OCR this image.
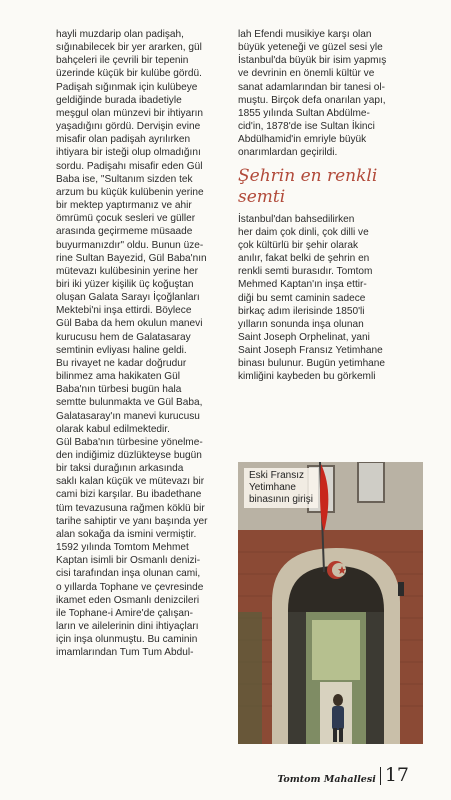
hayli muzdarip olan padişah,
sığınabilecek bir yer ararken, gül
bahçeleri ile çevrili bir tepenin
üzerinde küçük bir kulübe gördü.
Padişah sığınmak için kulübeye
geldiğinde burada ibadetiyle
meşgul olan münzevi bir ihtiyarın
yaşadığını gördü. Dervişin evine
misafir olan padişah ayrılırken
ihtiyara bir isteği olup olmadığını
sordu. Padişahı misafir eden Gül
Baba ise, "Sultanım sizden tek
arzum bu küçük kulübenin yerine
bir mektep yaptırmanız ve ahir
ömrümü çocuk sesleri ve güller
arasında geçirmeme müsaade
buyurmanızdır" oldu. Bunun üze-
rine Sultan Bayezid, Gül Baba'nın
mütevazı kulübesinin yerine her
biri iki yüzer kişilik üç koğuştan
oluşan Galata Sarayı İçoğlanları
Mektebi'ni inşa ettirdi. Böylece
Gül Baba da hem okulun manevi
kurucusu hem de Galatasaray
semtinin evliyası haline geldi.
Bu rivayet ne kadar doğrudur
bilinmez ama hakikaten Gül
Baba'nın türbesi bugün hala
semtte bulunmakta ve Gül Baba,
Galatasaray'ın manevi kurucusu
olarak kabul edilmektedir.
Gül Baba'nın türbesine yönelme-
den indiğimiz düzlükteyse bugün
bir taksi durağının arkasında
saklı kalan küçük ve mütevazı bir
cami bizi karşılar. Bu ibadethane
tüm tevazusuna rağmen köklü bir
tarihe sahiptir ve yanı başında yer
alan sokağa da ismini vermiştir.
1592 yılında Tomtom Mehmet
Kaptan isimli bir Osmanlı denizi-
cisi tarafından inşa olunan cami,
o yıllarda Tophane ve çevresinde
ikamet eden Osmanlı denizcileri
ile Tophane-i Amire'de çalışan-
ların ve ailelerinin dini ihtiyaçları
için inşa olunmuştu. Bu caminin
imamlarından Tum Tum Abdul-

lah Efendi musikiye karşı olan
büyük yeteneği ve güzel sesi yle
İstanbul'da büyük bir isim yapmış
ve devrinin en önemli kültür ve
sanat adamlarından bir tanesi ol-
muştu. Birçok defa onarılan yapı,
1855 yılında Sultan Abdülme-
cid'in, 1878'de ise Sultan İkinci
Abdülhamid'in emriyle büyük
onarımlardan geçirildi.

Şehrin en renkli
semti

İstanbul'dan bahsedilirken
her daim çok dinli, çok dilli ve
çok kültürlü bir şehir olarak
anılır, fakat belki de şehrin en
renkli semti burasıdır. Tomtom
Mehmed Kaptan'ın inşa ettir-
diği bu semt caminin sadece
birkaç adım ilerisinde 1850'li
yılların sonunda inşa olunan
Saint Joseph Orphelinat, yani
Saint Joseph Fransız Yetimhane
binası bulunur. Bugün yetimhane
kimliğini kaybeden bu görkemli

Eski Fransız
Yetimhane
binasının girişi
Tomtom Mahallesi 17
